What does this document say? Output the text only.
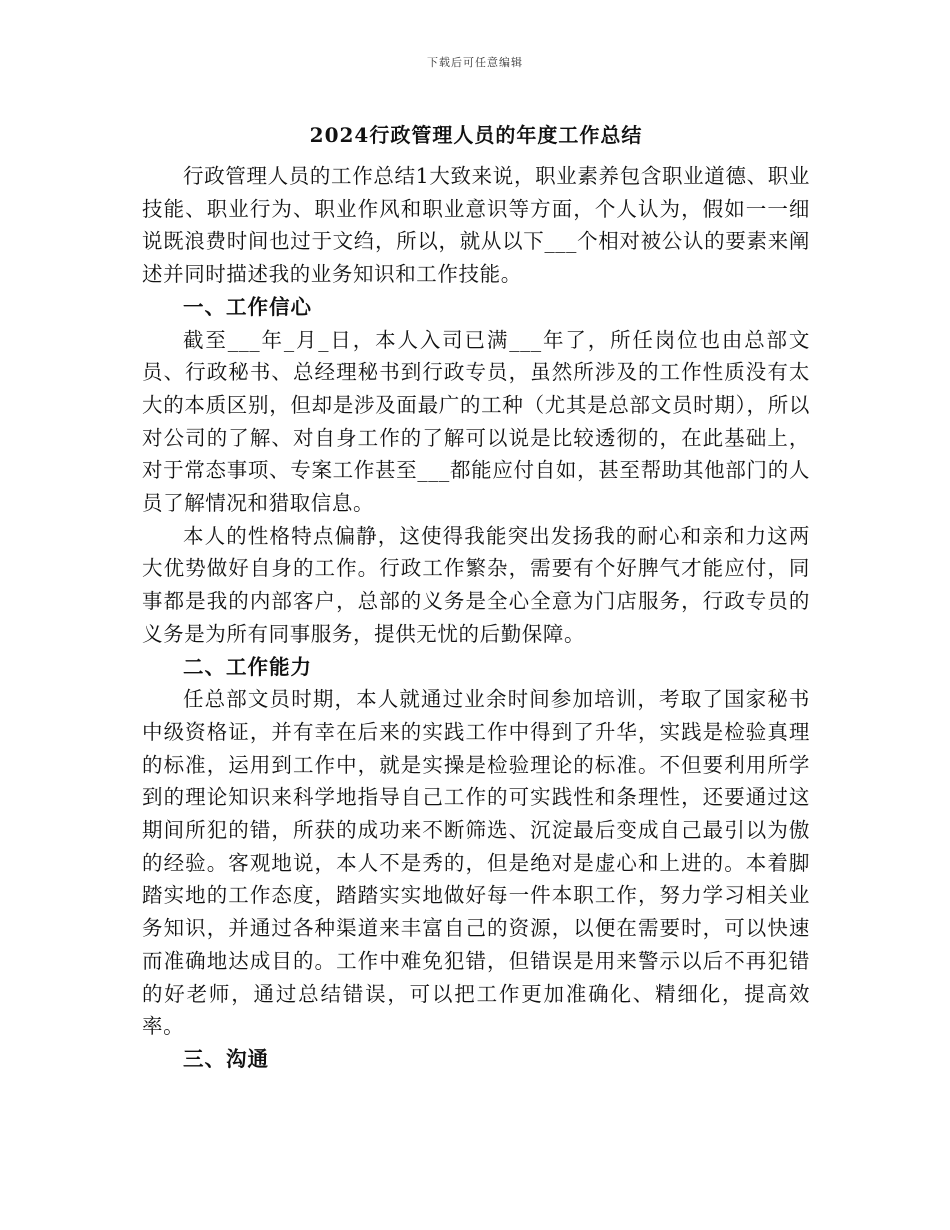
下载后可任意编辑
2024行政管理人员的年度工作总结

行政管理人员的工作总结1大致来说，职业素养包含职业道德、职业技能、职业行为、职业作风和职业意识等方面，个人认为，假如一一细说既浪费时间也过于文绉，所以，就从以下___个相对被公认的要素来阐述并同时描述我的业务知识和工作技能。

一、工作信心

截至___年_月_日，本人入司已满___年了，所任岗位也由总部文员、行政秘书、总经理秘书到行政专员，虽然所涉及的工作性质没有太大的本质区别，但却是涉及面最广的工种（尤其是总部文员时期），所以对公司的了解、对自身工作的了解可以说是比较透彻的，在此基础上，对于常态事项、专案工作甚至___都能应付自如，甚至帮助其他部门的人员了解情况和猎取信息。

本人的性格特点偏静，这使得我能突出发扬我的耐心和亲和力这两大优势做好自身的工作。行政工作繁杂，需要有个好脾气才能应付，同事都是我的内部客户，总部的义务是全心全意为门店服务，行政专员的义务是为所有同事服务，提供无忧的后勤保障。

二、工作能力

任总部文员时期，本人就通过业余时间参加培训，考取了国家秘书中级资格证，并有幸在后来的实践工作中得到了升华，实践是检验真理的标准，运用到工作中，就是实操是检验理论的标准。不但要利用所学到的理论知识来科学地指导自己工作的可实践性和条理性，还要通过这期间所犯的错，所获的成功来不断筛选、沉淀最后变成自己最引以为傲的经验。客观地说，本人不是秀的，但是绝对是虚心和上进的。本着脚踏实地的工作态度，踏踏实实地做好每一件本职工作，努力学习相关业务知识，并通过各种渠道来丰富自己的资源，以便在需要时，可以快速而准确地达成目的。工作中难免犯错，但错误是用来警示以后不再犯错的好老师，通过总结错误，可以把工作更加准确化、精细化，提高效率。

三、沟通
